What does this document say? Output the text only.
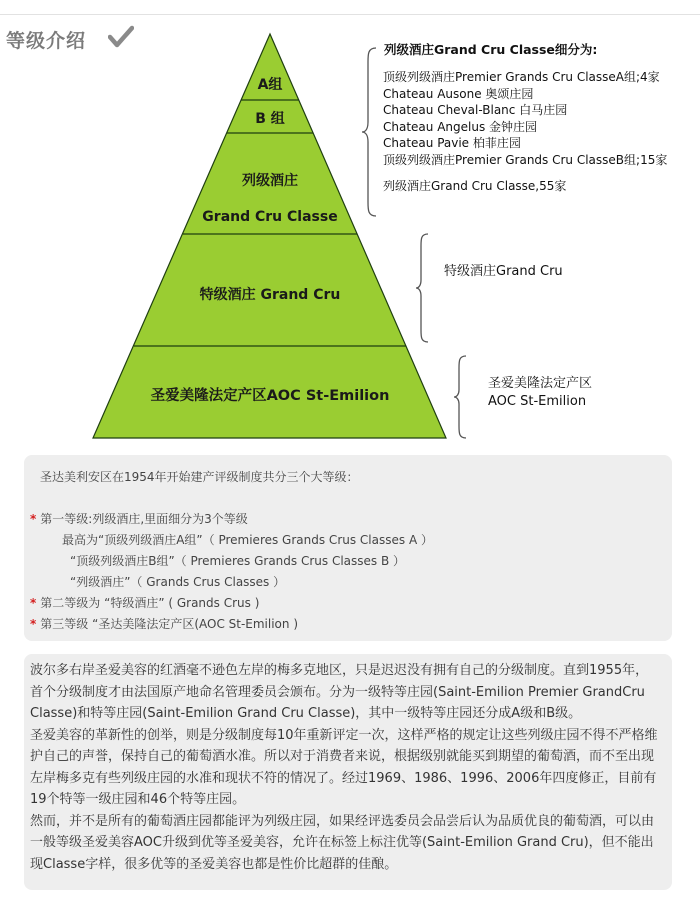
等级介绍
A组
B 组
列级酒庄
Grand Cru Classe
特级酒庄 Grand Cru
圣爱美隆法定产区AOC St-Emilion
列级酒庄Grand Cru Classe细分为:
顶级列级酒庄Premier Grands Cru ClasseA组;4家
Chateau Ausone 奥颂庄园
Chateau Cheval-Blanc 白马庄园
Chateau Angelus 金钟庄园
Chateau Pavie 柏菲庄园
顶级列级酒庄Premier Grands Cru ClasseB组;15家
列级酒庄Grand Cru Classe,55家
特级酒庄Grand Cru
圣爱美隆法定产区
AOC St-Emilion
圣达美利安区在1954年开始建产评级制度共分三个大等级：
* 第一等级:列级酒庄,里面细分为3个等级
最高为“顶级列级酒庄A组”（ Premieres Grands Crus Classes A ）
“顶级列级酒庄B组”（ Premieres Grands Crus Classes B ）
“列级酒庄”（ Grands Crus Classes ）
* 第二等级为 “特级酒庄” ( Grands Crus )
* 第三等级 “圣达美隆法定产区(AOC St-Emilion )

波尔多右岸圣爱美容的红酒毫不逊色左岸的梅多克地区，只是迟迟没有拥有自己的分级制度。直到1955年，首个分级制度才由法国原产地命名管理委员会颁布。分为一级特等庄园(Saint-Emilion Premier GrandCru Classe)和特等庄园(Saint-Emilion Grand Cru Classe)，其中一级特等庄园还分成A级和B级。

圣爱美容的革新性的创举，则是分级制度每10年重新评定一次，这样严格的规定让这些列级庄园不得不严格维护自己的声誉，保持自己的葡萄酒水准。所以对于消费者来说，根据级别就能买到期望的葡萄酒，而不至出现左岸梅多克有些列级庄园的水准和现状不符的情况了。经过1969、1986、1996、2006年四度修正，目前有19个特等一级庄园和46个特等庄园。

然而，并不是所有的葡萄酒庄园都能评为列级庄园，如果经评选委员会品尝后认为品质优良的葡萄酒，可以由一般等级圣爱美容AOC升级到优等圣爱美容，允许在标签上标注优等(Saint-Emilion Grand Cru)，但不能出现Classe字样，很多优等的圣爱美容也都是性价比超群的佳酿。
